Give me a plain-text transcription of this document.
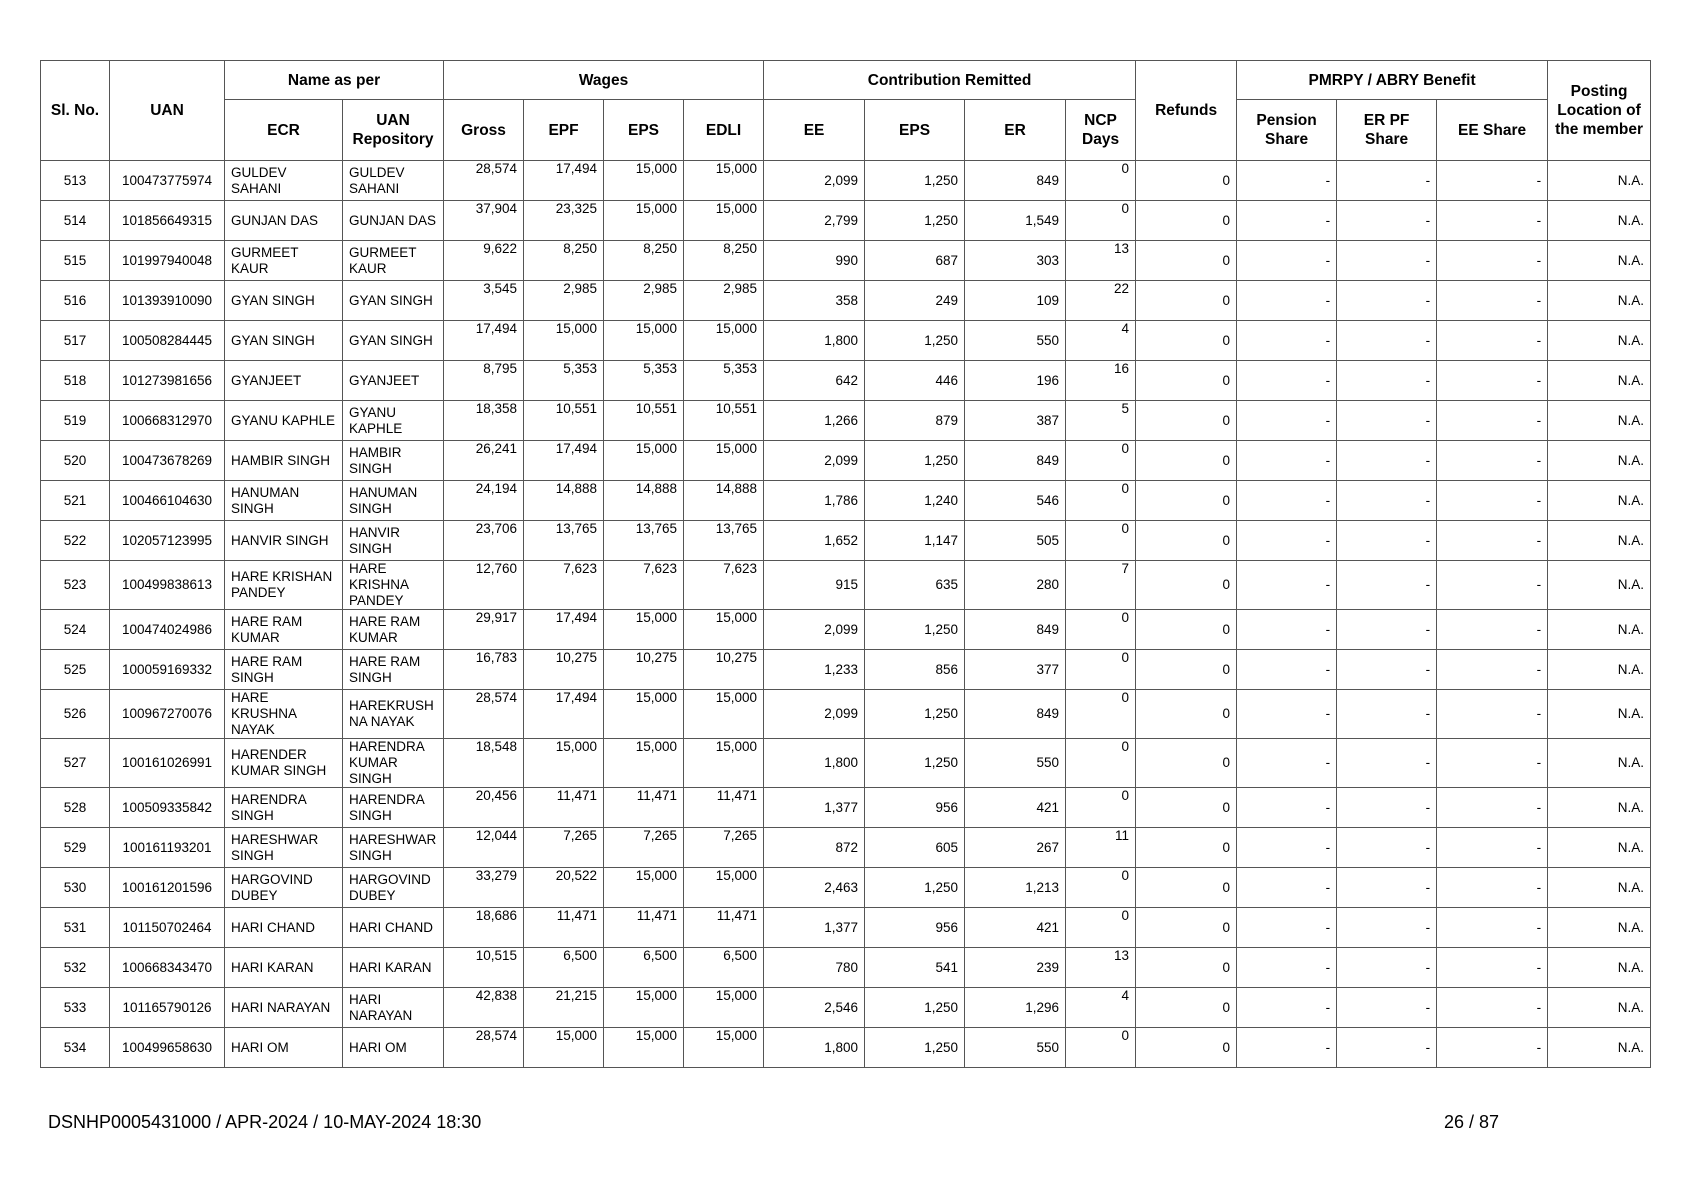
Sl. No.	UAN	Name as per		Wages				Contribution Remitted				Refunds	PMRPY / ABRY Benefit			Posting Location of the member
		ECR	UAN Repository	Gross	EPF	EPS	EDLI	EE	EPS	ER	NCP Days		Pension Share	ER PF Share	EE Share	
513	100473775974	GULDEV SAHANI	GULDEV SAHANI	28,574	17,494	15,000	15,000	2,099	1,250	849	0	0	-	-	-	N.A.
514	101856649315	GUNJAN DAS	GUNJAN DAS	37,904	23,325	15,000	15,000	2,799	1,250	1,549	0	0	-	-	-	N.A.
515	101997940048	GURMEET KAUR	GURMEET KAUR	9,622	8,250	8,250	8,250	990	687	303	13	0	-	-	-	N.A.
516	101393910090	GYAN SINGH	GYAN SINGH	3,545	2,985	2,985	2,985	358	249	109	22	0	-	-	-	N.A.
517	100508284445	GYAN SINGH	GYAN SINGH	17,494	15,000	15,000	15,000	1,800	1,250	550	4	0	-	-	-	N.A.
518	101273981656	GYANJEET	GYANJEET	8,795	5,353	5,353	5,353	642	446	196	16	0	-	-	-	N.A.
519	100668312970	GYANU KAPHLE	GYANU KAPHLE	18,358	10,551	10,551	10,551	1,266	879	387	5	0	-	-	-	N.A.
520	100473678269	HAMBIR SINGH	HAMBIR SINGH	26,241	17,494	15,000	15,000	2,099	1,250	849	0	0	-	-	-	N.A.
521	100466104630	HANUMAN SINGH	HANUMAN SINGH	24,194	14,888	14,888	14,888	1,786	1,240	546	0	0	-	-	-	N.A.
522	102057123995	HANVIR SINGH	HANVIR SINGH	23,706	13,765	13,765	13,765	1,652	1,147	505	0	0	-	-	-	N.A.
523	100499838613	HARE KRISHAN PANDEY	HARE KRISHNA PANDEY	12,760	7,623	7,623	7,623	915	635	280	7	0	-	-	-	N.A.
524	100474024986	HARE RAM KUMAR	HARE RAM KUMAR	29,917	17,494	15,000	15,000	2,099	1,250	849	0	0	-	-	-	N.A.
525	100059169332	HARE RAM SINGH	HARE RAM SINGH	16,783	10,275	10,275	10,275	1,233	856	377	0	0	-	-	-	N.A.
526	100967270076	HARE KRUSHNA NAYAK	HAREKRUSH NA NAYAK	28,574	17,494	15,000	15,000	2,099	1,250	849	0	0	-	-	-	N.A.
527	100161026991	HARENDER KUMAR SINGH	HARENDRA KUMAR SINGH	18,548	15,000	15,000	15,000	1,800	1,250	550	0	0	-	-	-	N.A.
528	100509335842	HARENDRA SINGH	HARENDRA SINGH	20,456	11,471	11,471	11,471	1,377	956	421	0	0	-	-	-	N.A.
529	100161193201	HARESHWAR SINGH	HARESHWAR SINGH	12,044	7,265	7,265	7,265	872	605	267	11	0	-	-	-	N.A.
530	100161201596	HARGOVIND DUBEY	HARGOVIND DUBEY	33,279	20,522	15,000	15,000	2,463	1,250	1,213	0	0	-	-	-	N.A.
531	101150702464	HARI CHAND	HARI CHAND	18,686	11,471	11,471	11,471	1,377	956	421	0	0	-	-	-	N.A.
532	100668343470	HARI KARAN	HARI KARAN	10,515	6,500	6,500	6,500	780	541	239	13	0	-	-	-	N.A.
533	101165790126	HARI NARAYAN	HARI NARAYAN	42,838	21,215	15,000	15,000	2,546	1,250	1,296	4	0	-	-	-	N.A.
534	100499658630	HARI OM	HARI OM	28,574	15,000	15,000	15,000	1,800	1,250	550	0	0	-	-	-	N.A.
DSNHP0005431000 / APR-2024 / 10-MAY-2024 18:30	26 / 87
